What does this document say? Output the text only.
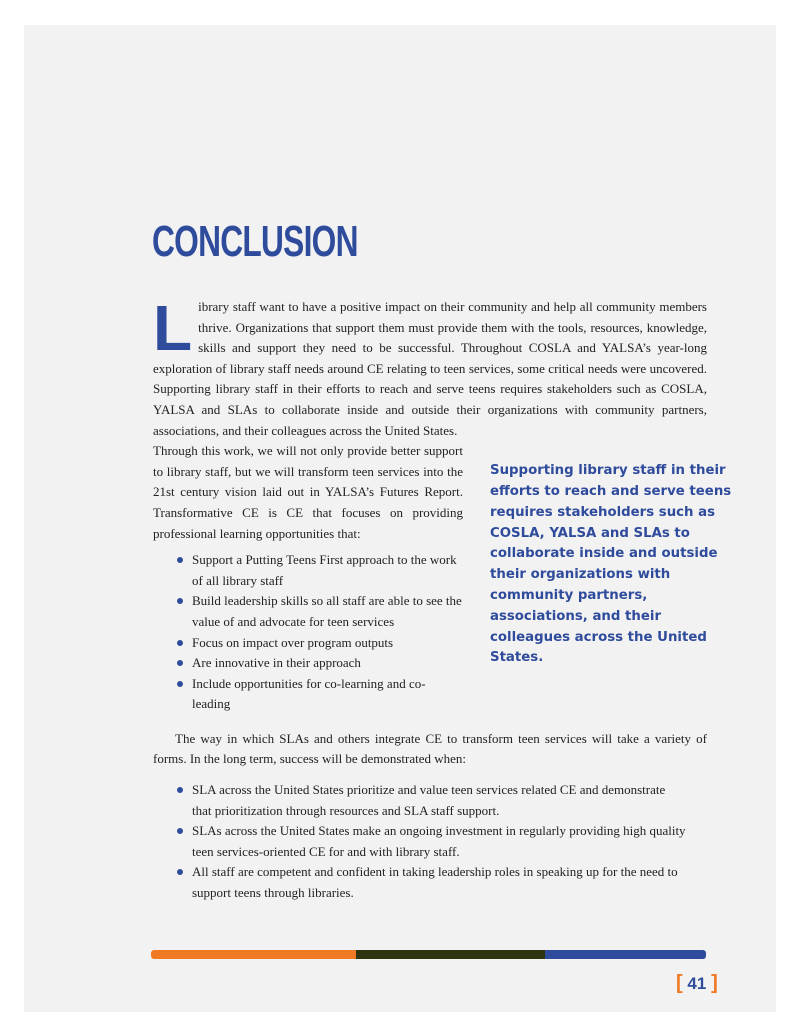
CONCLUSION
Library staff want to have a positive impact on their community and help all community members thrive. Organizations that support them must provide them with the tools, resources, knowledge, skills and support they need to be successful. Throughout COSLA and YALSA’s year-long exploration of library staff needs around CE relating to teen services, some critical needs were uncovered. Supporting library staff in their efforts to reach and serve teens requires stakeholders such as COSLA, YALSA and SLAs to collaborate inside and outside their organizations with community partners, associations, and their colleagues across the United States.

Through this work, we will not only provide better support to library staff, but we will transform teen services into the 21st century vision laid out in YALSA’s Futures Report. Transformative CE is CE that focuses on providing professional learning opportunities that:

Support a Putting Teens First approach to the work of all library staff
Build leadership skills so all staff are able to see the value of and advocate for teen services
Focus on impact over program outputs
Are innovative in their approach
Include opportunities for co-learning and co-leading
Supporting library staff in their efforts to reach and serve teens requires stakeholders such as COSLA, YALSA and SLAs to collaborate inside and outside their organizations with community partners, associations, and their colleagues across the United States.

The way in which SLAs and others integrate CE to transform teen services will take a variety of forms. In the long term, success will be demonstrated when:

SLA across the United States prioritize and value teen services related CE and demonstrate that prioritization through resources and SLA staff support.
SLAs across the United States make an ongoing investment in regularly providing high quality teen services-oriented CE for and with library staff.
All staff are competent and confident in taking leadership roles in speaking up for the need to support teens through libraries.
[ 41 ]
